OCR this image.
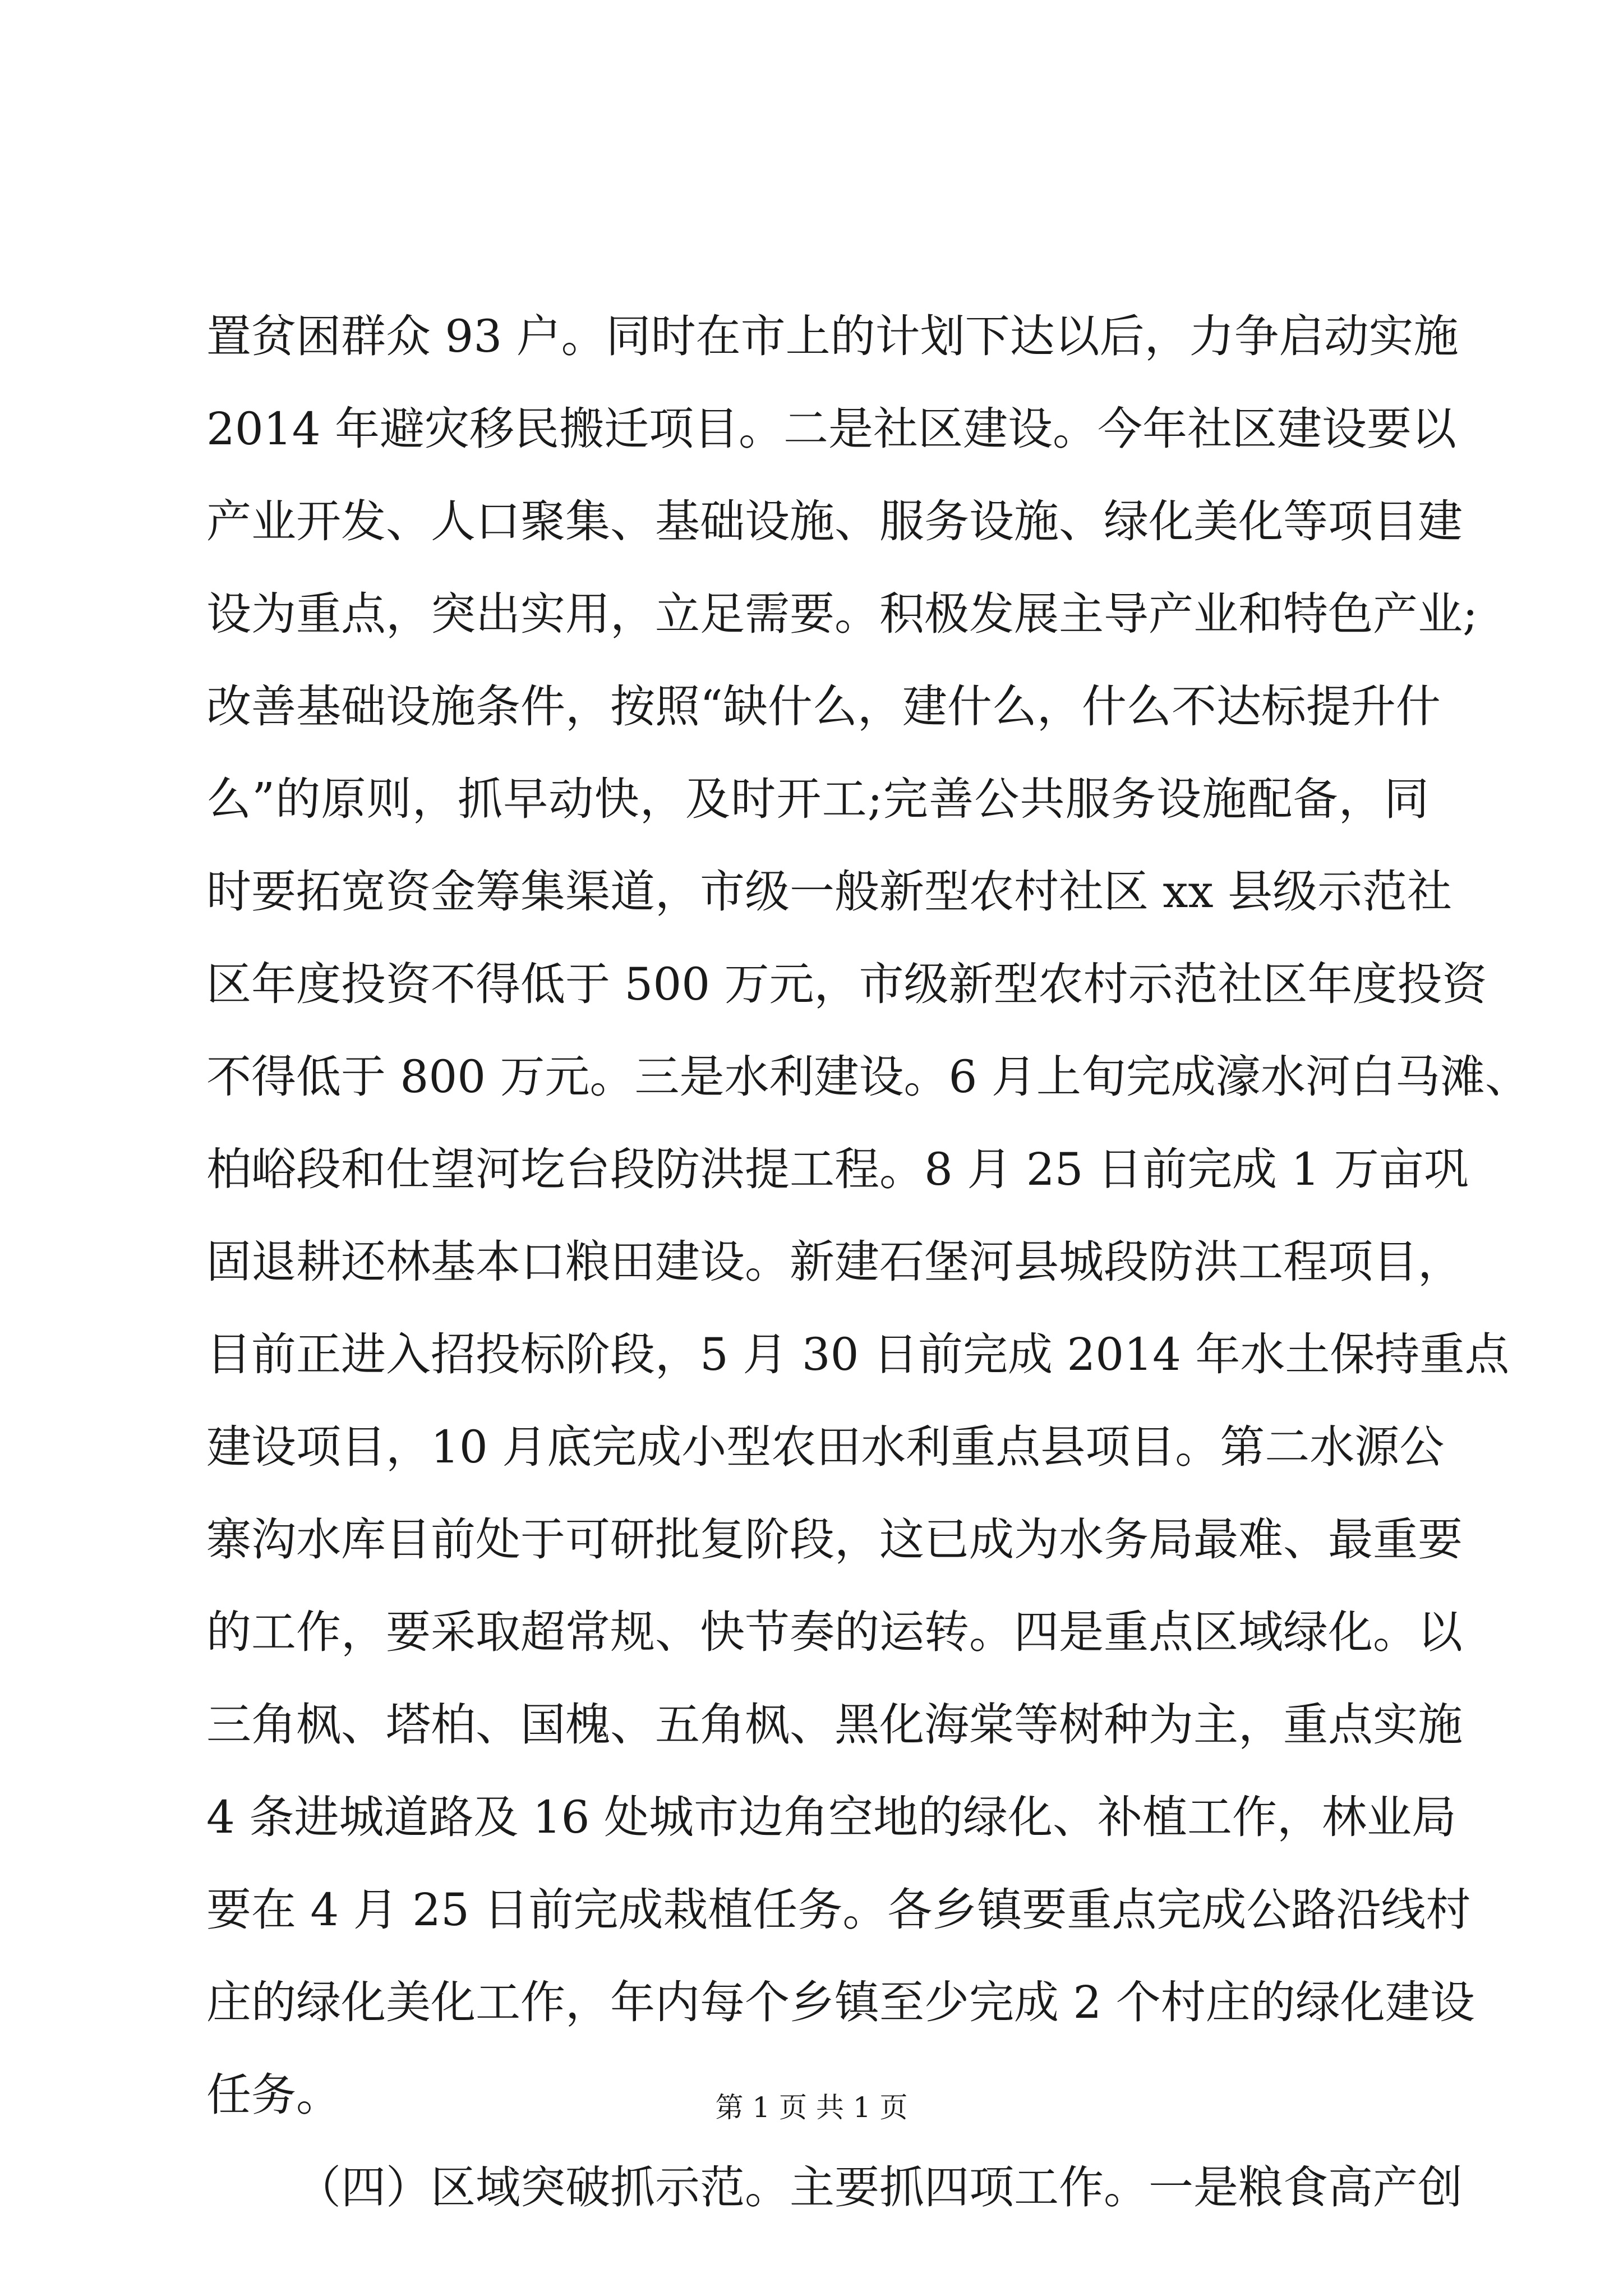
置贫困群众 93 户。同时在市上的计划下达以后，力争启动实施
2014 年避灾移民搬迁项目。二是社区建设。今年社区建设要以
产业开发、人口聚集、基础设施、服务设施、绿化美化等项目建
设为重点，突出实用，立足需要。积极发展主导产业和特色产业;
改善基础设施条件，按照“缺什么，建什么，什么不达标提升什
么”的原则，抓早动快，及时开工;完善公共服务设施配备，同
时要拓宽资金筹集渠道，市级一般新型农村社区 xx 县级示范社
区年度投资不得低于 500 万元，市级新型农村示范社区年度投资
不得低于 800 万元。三是水利建设。6 月上旬完成濠水河白马滩、
柏峪段和仕望河圪台段防洪提工程。8 月 25 日前完成 1 万亩巩
固退耕还林基本口粮田建设。新建石堡河县城段防洪工程项目，
目前正进入招投标阶段，5 月 30 日前完成 2014 年水土保持重点
建设项目，10 月底完成小型农田水利重点县项目。第二水源公
寨沟水库目前处于可研批复阶段，这已成为水务局最难、最重要
的工作，要采取超常规、快节奏的运转。四是重点区域绿化。以
三角枫、塔柏、国槐、五角枫、黑化海棠等树种为主，重点实施
4 条进城道路及 16 处城市边角空地的绿化、补植工作，林业局
要在 4 月 25 日前完成栽植任务。各乡镇要重点完成公路沿线村
庄的绿化美化工作，年内每个乡镇至少完成 2 个村庄的绿化建设
任务。
（四）区域突破抓示范。主要抓四项工作。一是粮食高产创
第 1 页 共 1 页
